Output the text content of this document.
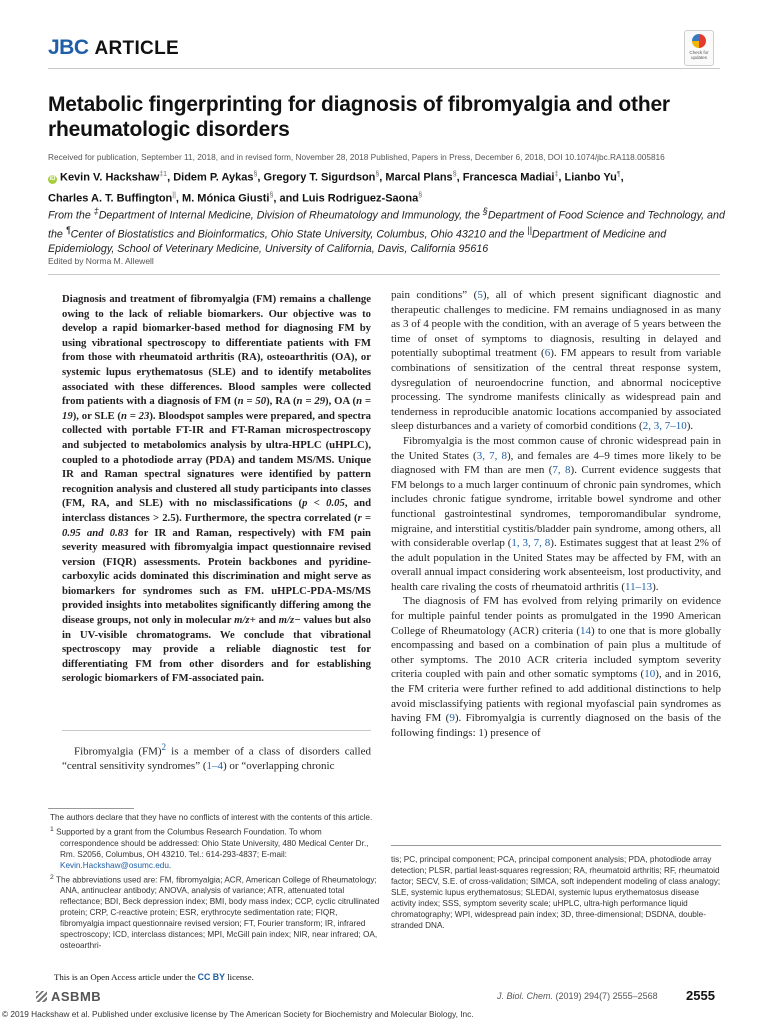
JBC ARTICLE	Check for updates
Metabolic fingerprinting for diagnosis of fibromyalgia and other rheumatologic disorders
Received for publication, September 11, 2018, and in revised form, November 28, 2018 Published, Papers in Press, December 6, 2018, DOI 10.1074/jbc.RA118.005816
iD Kevin V. Hackshaw$^{\ddagger 1}$, Didem P. Aykas§, Gregory T. Sigurdson§, Marcal Plans§, Francesca Madiai‡, Lianbo Yu¶,
Charles A. T. Buffington||, M. Mónica Giusti§, and Luis Rodriguez-Saona§
From the ‡Department of Internal Medicine, Division of Rheumatology and Immunology, the §Department of Food Science and Technology, and the ¶Center of Biostatistics and Bioinformatics, Ohio State University, Columbus, Ohio 43210 and the ||Department of Medicine and Epidemiology, School of Veterinary Medicine, University of California, Davis, California 95616
Edited by Norma M. Allewell

Diagnosis and treatment of fibromyalgia (FM) remains a challenge owing to the lack of reliable biomarkers. Our objective was to develop a rapid biomarker-based method for diagnosing FM by using vibrational spectroscopy to differentiate patients with FM from those with rheumatoid arthritis (RA), osteoarthritis (OA), or systemic lupus erythematosus (SLE) and to identify metabolites associated with these differences. Blood samples were collected from patients with a diagnosis of FM (n = 50), RA (n = 29), OA (n = 19), or SLE (n = 23). Bloodspot samples were prepared, and spectra collected with portable FT-IR and FT-Raman microspectroscopy and subjected to metabolomics analysis by ultra-HPLC (uHPLC), coupled to a photodiode array (PDA) and tandem MS/MS. Unique IR and Raman spectral signatures were identified by pattern recognition analysis and clustered all study participants into classes (FM, RA, and SLE) with no misclassifications (p < 0.05, and interclass distances > 2.5). Furthermore, the spectra correlated (r = 0.95 and 0.83 for IR and Raman, respectively) with FM pain severity measured with fibromyalgia impact questionnaire revised version (FIQR) assessments. Protein backbones and pyridine-carboxylic acids dominated this discrimination and might serve as biomarkers for syndromes such as FM. uHPLC-PDA-MS/MS provided insights into metabolites significantly differing among the disease groups, not only in molecular m/z+ and m/z− values but also in UV-visible chromatograms. We conclude that vibrational spectroscopy may provide a reliable diagnostic test for differentiating FM from other disorders and for establishing serologic biomarkers of FM-associated pain.

Fibromyalgia (FM)$^2$ is a member of a class of disorders called “central sensitivity syndromes” (1–4) or “overlapping chronic

The authors declare that they have no conflicts of interest with the contents of this article.

$^1$ Supported by a grant from the Columbus Research Foundation. To whom correspondence should be addressed: Ohio State University, 480 Medical Center Dr., Rm. S2056, Columbus, OH 43210. Tel.: 614-293-4837; E-mail: Kevin.Hackshaw@osumc.edu.

$^2$ The abbreviations used are: FM, fibromyalgia; ACR, American College of Rheumatology; ANA, antinuclear antibody; ANOVA, analysis of variance; ATR, attenuated total reflectance; BDI, Beck depression index; BMI, body mass index; CCP, cyclic citrullinated protein; CRP, C-reactive protein; ESR, erythrocyte sedimentation rate; FIQR, fibromyalgia impact questionnaire revised version; FT, Fourier transform; IR, infrared spectroscopy; ICD, interclass distances; MPI, McGill pain index; NIR, near infrared; OA, osteoarthri-

This is an Open Access article under the CC BY license.

pain conditions” (5), all of which present significant diagnostic and therapeutic challenges to medicine. FM remains undiagnosed in as many as 3 of 4 people with the condition, with an average of 5 years between the time of onset of symptoms to diagnosis, resulting in delayed and potentially suboptimal treatment (6). FM appears to result from variable combinations of sensitization of the central threat response system, dysregulation of neuroendocrine function, and abnormal nociceptive processing. The syndrome manifests clinically as widespread pain and tenderness in reproducible anatomic locations accompanied by associated sleep disturbances and a variety of comorbid conditions (2, 3, 7–10).

Fibromyalgia is the most common cause of chronic widespread pain in the United States (3, 7, 8), and females are 4–9 times more likely to be diagnosed with FM than are men (7, 8). Current evidence suggests that FM belongs to a much larger continuum of chronic pain syndromes, which includes chronic fatigue syndrome, irritable bowel syndrome and other functional gastrointestinal syndromes, temporomandibular syndrome, migraine, and interstitial cystitis/bladder pain syndrome, among others, all with considerable overlap (1, 3, 7, 8). Estimates suggest that at least 2% of the adult population in the United States may be affected by FM, with an overall annual impact considering work absenteeism, lost productivity, and health care rivaling the costs of rheumatoid arthritis (11–13).

The diagnosis of FM has evolved from relying primarily on evidence for multiple painful tender points as promulgated in the 1990 American College of Rheumatology (ACR) criteria (14) to one that is more globally encompassing and based on a combination of pain plus a multitude of other symptoms. The 2010 ACR criteria included symptom severity criteria coupled with pain and other somatic symptoms (10), and in 2016, the FM criteria were further refined to add additional distinctions to help avoid misclassifying patients with regional myofascial pain syndromes as having FM (9). Fibromyalgia is currently diagnosed on the basis of the following findings: 1) presence of

tis; PC, principal component; PCA, principal component analysis; PDA, photodiode array detection; PLSR, partial least-squares regression; RA, rheumatoid arthritis; RF, rheumatoid factor; SECV, S.E. of cross-validation; SIMCA, soft independent modeling of class analogy; SLE, systemic lupus erythematosus; SLEDAI, systemic lupus erythematosus disease activity index; SSS, symptom severity scale; uHPLC, ultra-high performance liquid chromatography; WPI, widespread pain index; 3D, three-dimensional; DSDNA, double-stranded DNA.

ASBMB	J. Biol. Chem. (2019) 294(7) 2555–2568 2555
© 2019 Hackshaw et al. Published under exclusive license by The American Society for Biochemistry and Molecular Biology, Inc.
